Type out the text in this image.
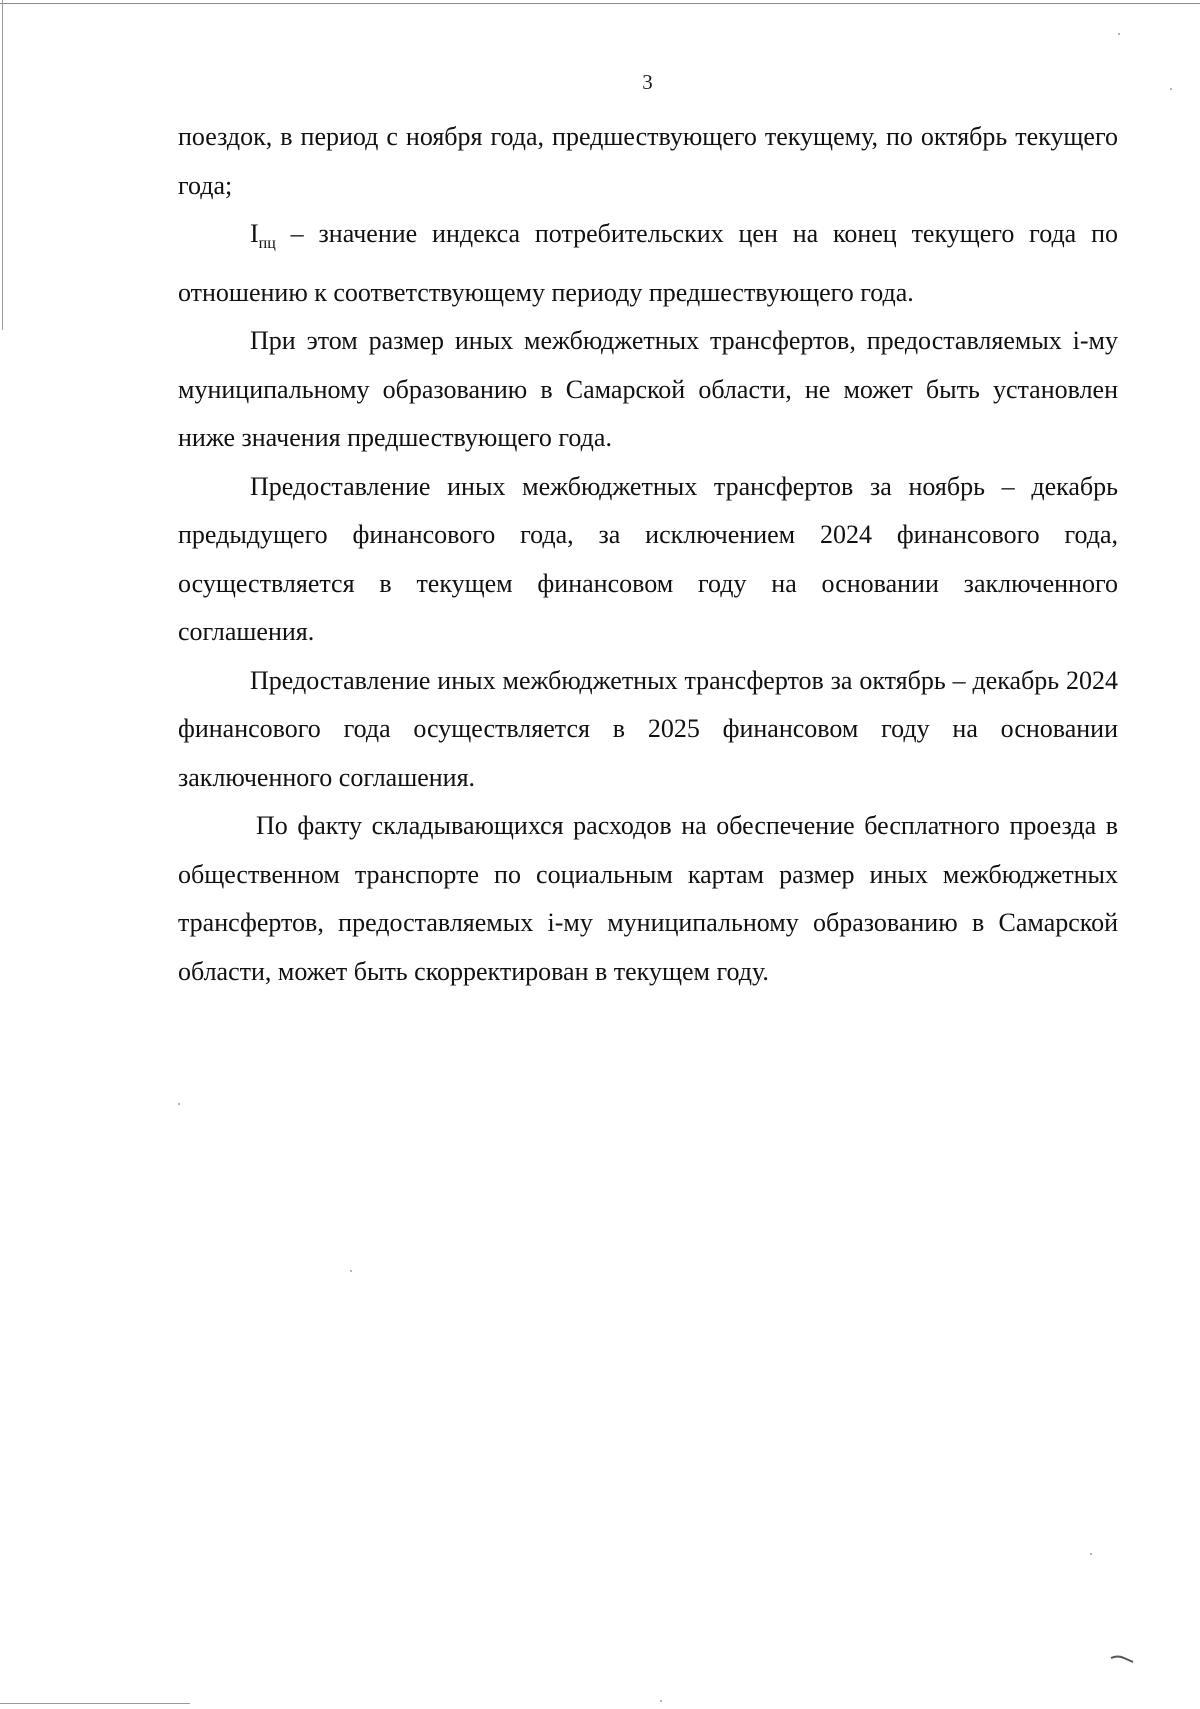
3

поездок, в период с ноября года, предшествующего текущему, по октябрь текущего года;

$I_{пц}$ – значение индекса потребительских цен на конец текущего года по отношению к соответствующему периоду предшествующего года.

При этом размер иных межбюджетных трансфертов, предоставляемых i-му муниципальному образованию в Самарской области, не может быть установлен ниже значения предшествующего года.

Предоставление иных межбюджетных трансфертов за ноябрь – декабрь предыдущего финансового года, за исключением 2024 финансового года, осуществляется в текущем финансовом году на основании заключенного соглашения.

Предоставление иных межбюджетных трансфертов за октябрь – декабрь 2024 финансового года осуществляется в 2025 финансовом году на основании заключенного соглашения.

По факту складывающихся расходов на обеспечение бесплатного проезда в общественном транспорте по социальным картам размер иных межбюджетных трансфертов, предоставляемых i-му муниципальному образованию в Самарской области, может быть скорректирован в текущем году.
